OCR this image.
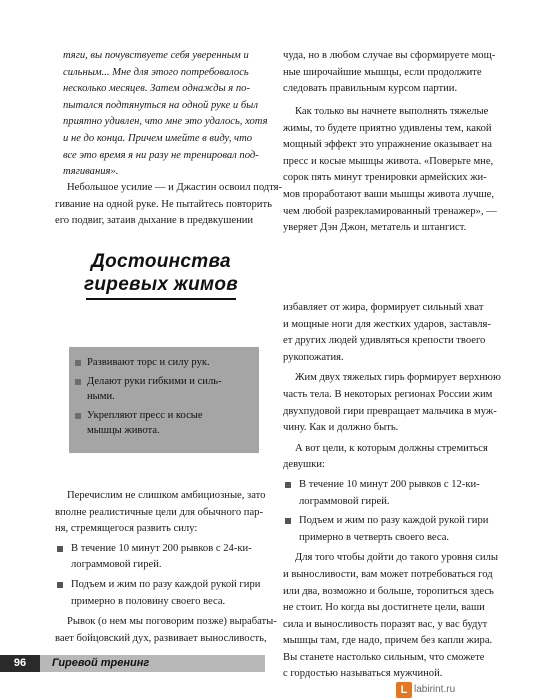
тяги, вы почувствуете себя уверенным и
сильным... Мне для этого потребовалось
несколько месяцев. Затем однажды я по-
пытался подтянуться на одной руке и был
приятно удивлен, что мне это удалось, хотя
и не до конца. Причем имейте в виду, что
все это время я ни разу не тренировал под-
тягивания».

Небольшое усилие — и Джастин освоил подтя-
гивание на одной руке. Не пытайтесь повторить
его подвиг, затаив дыхание в предвкушении

чуда, но в любом случае вы сформируете мощ-
ные широчайшие мышцы, если продолжите
следовать правильным курсом партии.

Как только вы начнете выполнять тяжелые
жимы, то будете приятно удивлены тем, какой
мощный эффект это упражнение оказывает на
пресс и косые мышцы живота. «Поверьте мне,
сорок пять минут тренировки армейских жи-
мов проработают ваши мышцы живота лучше,
чем любой разрекламированный тренажер», —
уверяет Дэн Джон, метатель и штангист.

Достоинства
гиревых жимов
Развивают торс и силу рук.
Делают руки гибкими и силь-
ными.
Укрепляют пресс и косые
мышцы живота.

Перечислим не слишком амбициозные, зато
вполне реалистичные цели для обычного пар-
ня, стремящегося развить силу:

В течение 10 минут 200 рывков с 24-ки-
лограммовой гирей.

Подъем и жим по разу каждой рукой гири
примерно в половину своего веса.

Рывок (о нем мы поговорим позже) вырабаты-
вает бойцовский дух, развивает выносливость,

избавляет от жира, формирует сильный хват
и мощные ноги для жестких ударов, заставля-
ет других людей удивляться крепости твоего
рукопожатия.

Жим двух тяжелых гирь формирует верхнюю
часть тела. В некоторых регионах России жим
двухпудовой гири превращает мальчика в муж-
чину. Как и должно быть.

А вот цели, к которым должны стремиться
девушки:

В течение 10 минут 200 рывков с 12-ки-
лограммовой гирей.

Подъем и жим по разу каждой рукой гири
примерно в четверть своего веса.

Для того чтобы дойти до такого уровня силы
и выносливости, вам может потребоваться год
или два, возможно и больше, торопиться здесь
не стоит. Но когда вы достигнете цели, ваши
сила и выносливость поразят вас, у вас будут
мышцы там, где надо, причем без капли жира.
Вы станете настолько сильным, что сможете
с гордостью называться мужчиной.

96	Гиревой тренинг
L labirint.ru
